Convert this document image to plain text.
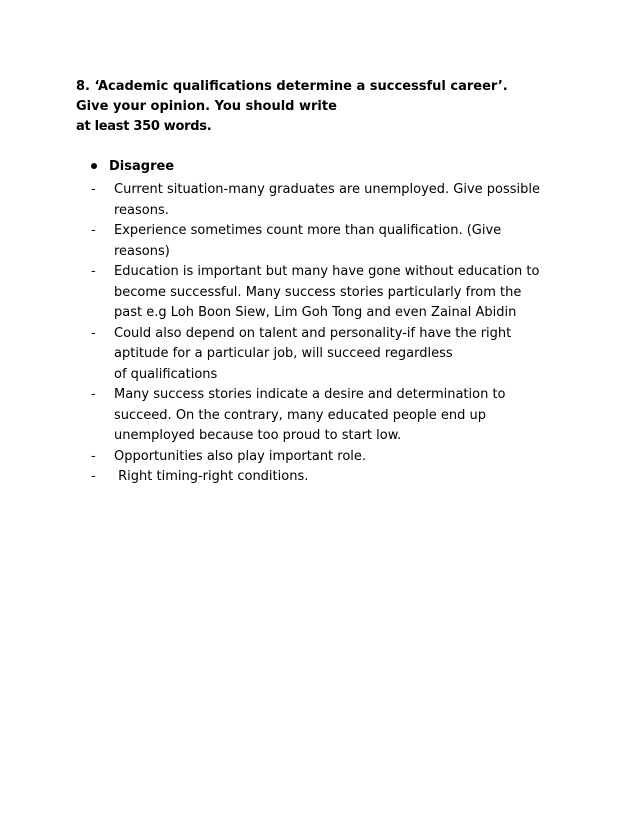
8. ‘Academic qualifications determine a successful career’.
Give your opinion. You should write
at least 350 words.
Disagree
- Current situation-many graduates are unemployed. Give possible
reasons.
- Experience sometimes count more than qualification. (Give
reasons)
- Education is important but many have gone without education to
become successful. Many success stories particularly from the
past e.g Loh Boon Siew, Lim Goh Tong and even Zainal Abidin
- Could also depend on talent and personality-if have the right
aptitude for a particular job, will succeed regardless
of qualifications
- Many success stories indicate a desire and determination to
succeed. On the contrary, many educated people end up
unemployed because too proud to start low.
- Opportunities also play important role.
- Right timing-right conditions.
